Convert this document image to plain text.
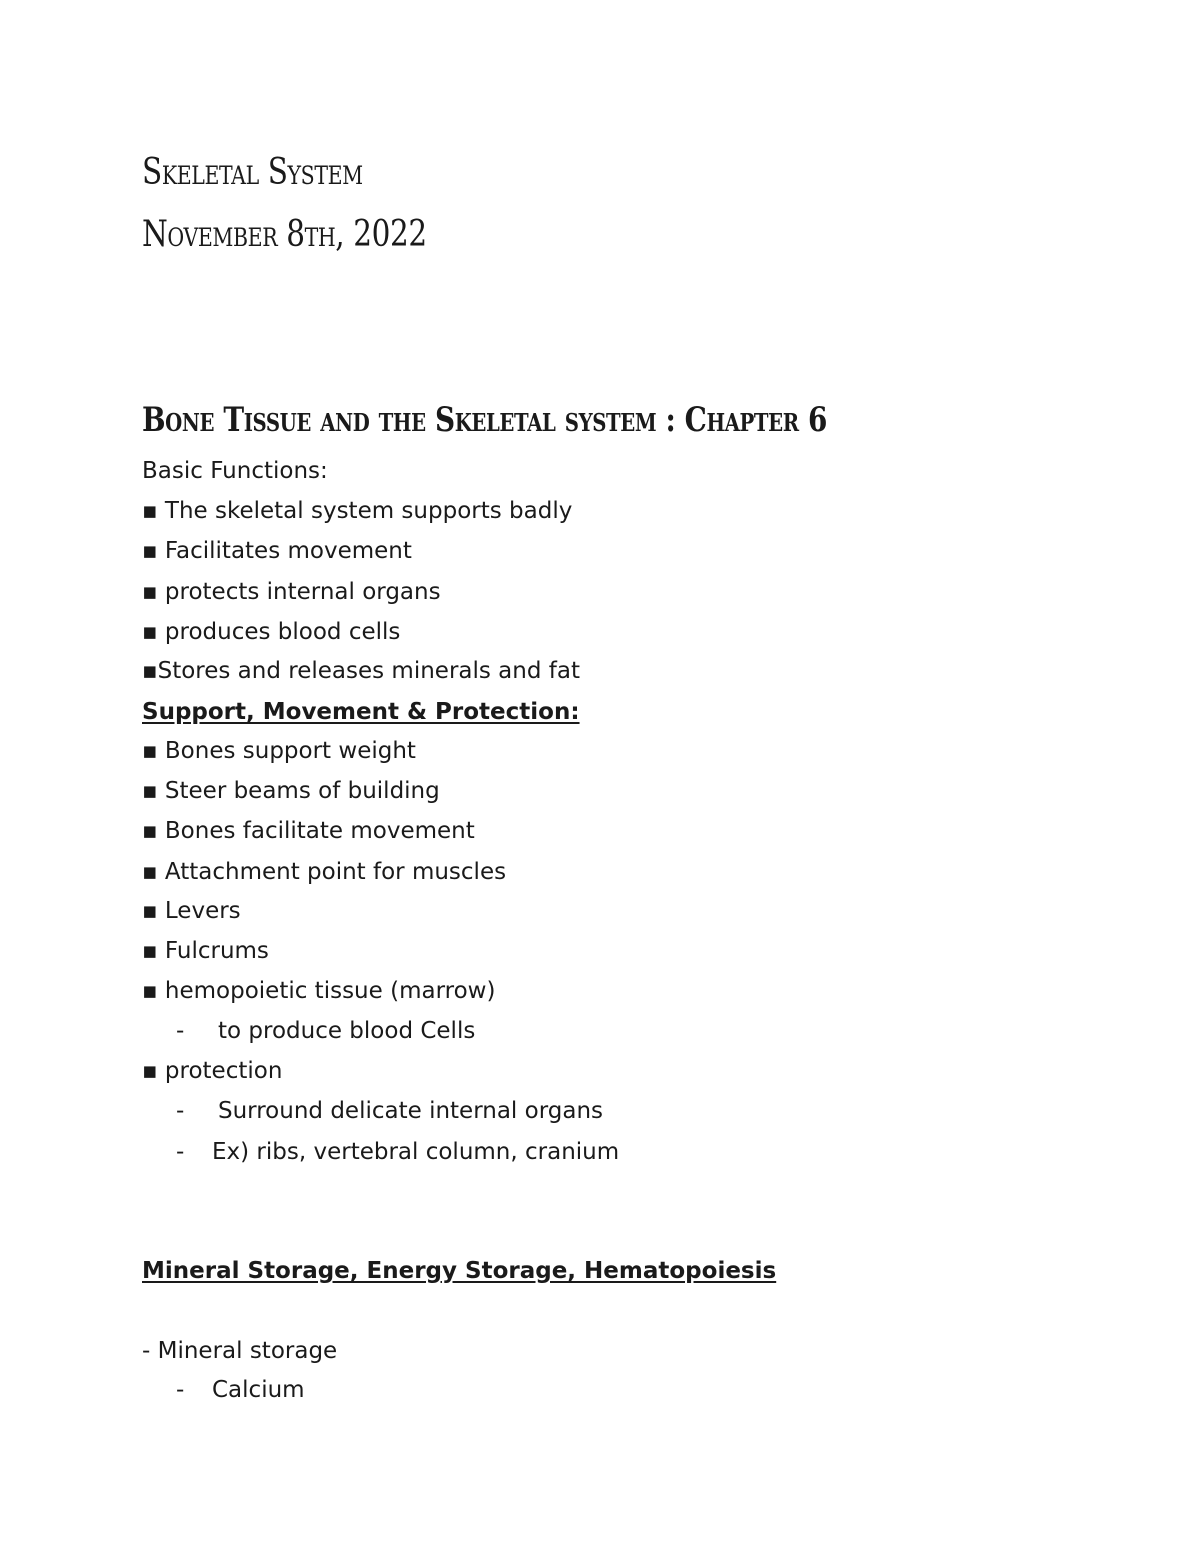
Skeletal System
November 8th, 2022
Bone Tissue and the Skeletal system : Chapter 6
Basic Functions:
▪ The skeletal system supports badly
▪ Facilitates movement
▪ protects internal organs
▪ produces blood cells
▪Stores and releases minerals and fat
Support, Movement & Protection:
▪ Bones support weight
▪ Steer beams of building
▪ Bones facilitate movement
▪ Attachment point for muscles
▪ Levers
▪ Fulcrums
▪ hemopoietic tissue (marrow)
- to produce blood Cells
▪ protection
- Surround delicate internal organs
- Ex) ribs, vertebral column, cranium
Mineral Storage, Energy Storage, Hematopoiesis
- Mineral storage
- Calcium
